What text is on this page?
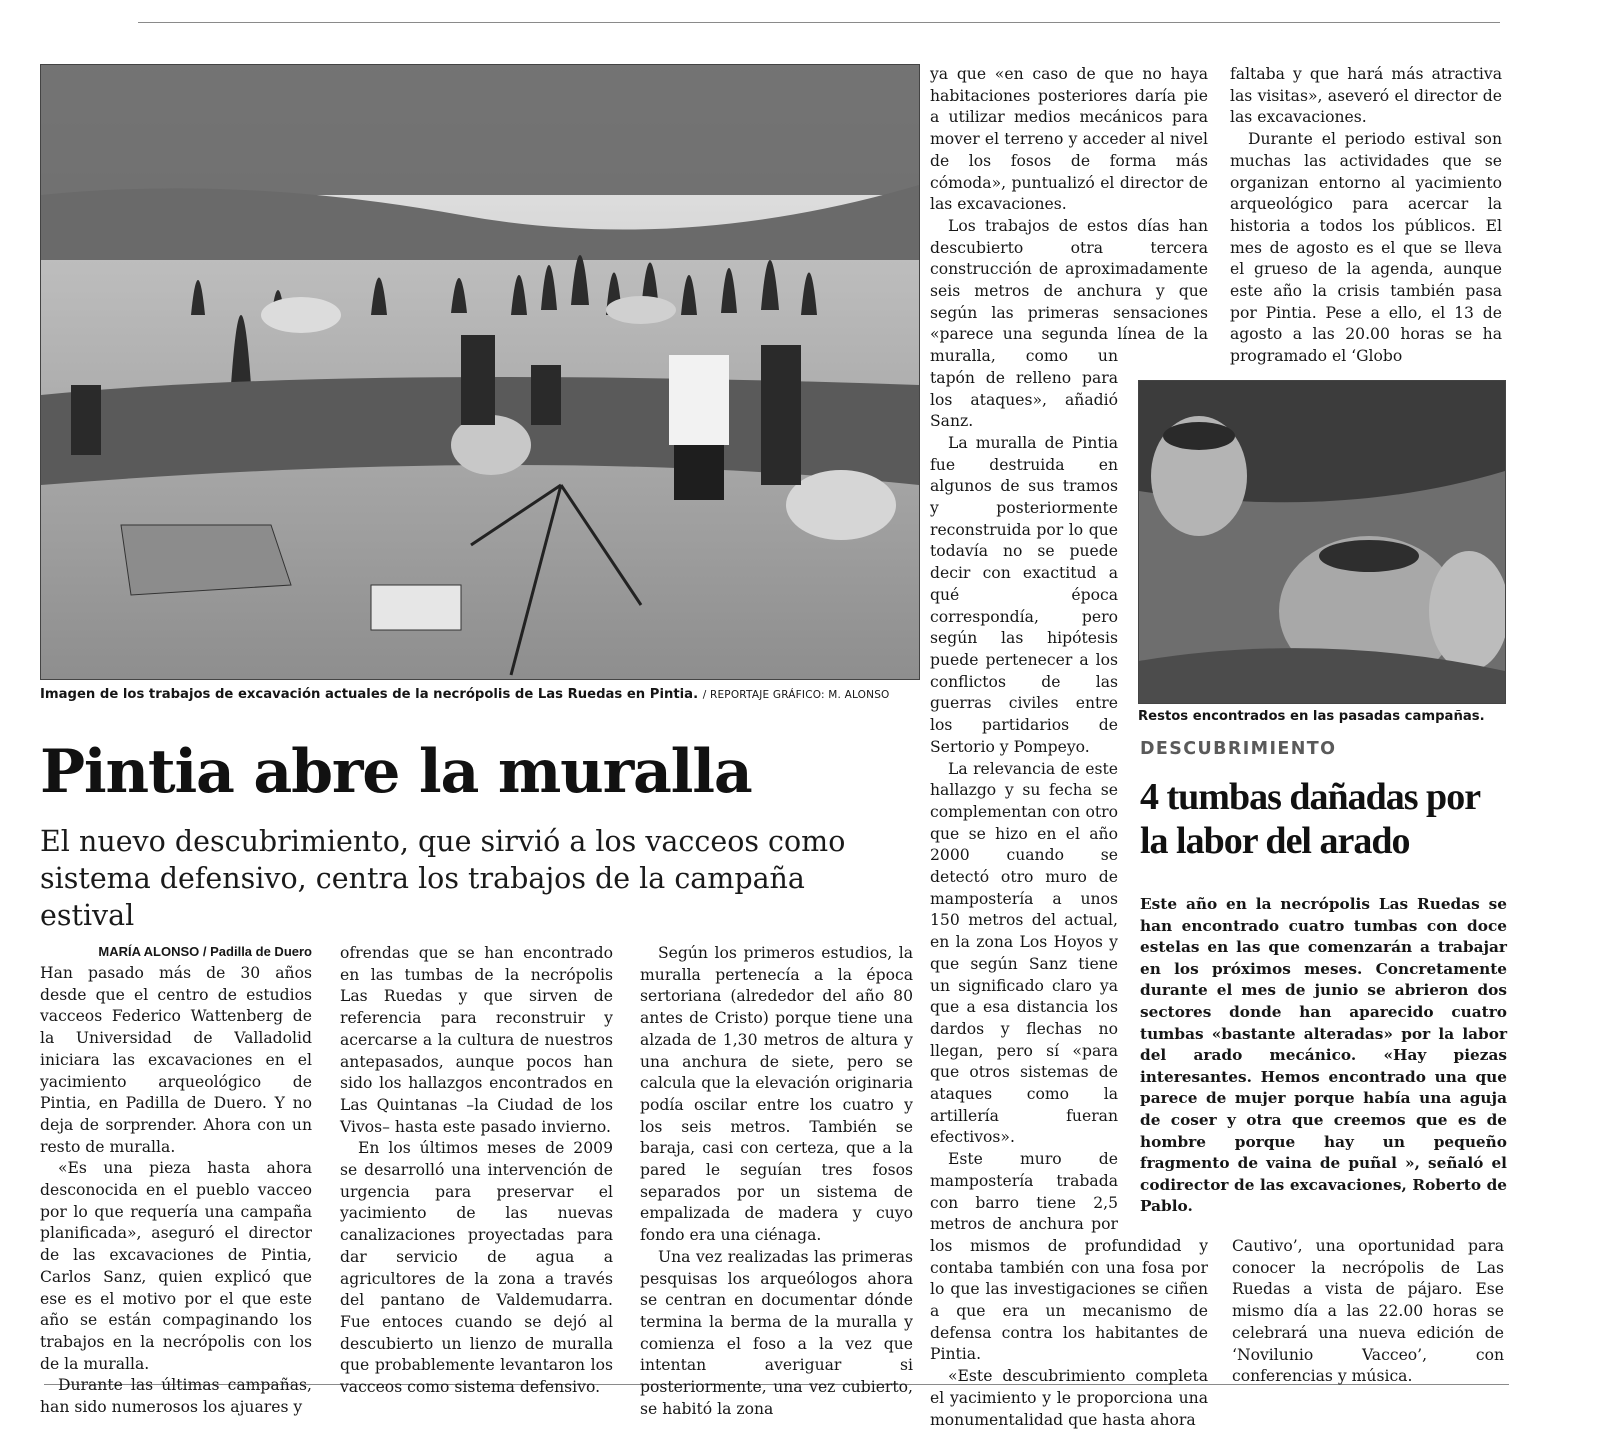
Imagen de los trabajos de excavación actuales de la necrópolis de Las Ruedas en Pintia. / REPORTAJE GRÁFICO: M. ALONSO
Pintia abre la muralla

El nuevo descubrimiento, que sirvió a los vacceos como sistema defensivo, centra los trabajos de la campaña estival

MARÍA ALONSO / Padilla de Duero

Han pasado más de 30 años desde que el centro de estudios vacceos Federico Wattenberg de la Universidad de Valladolid iniciara las excavaciones en el yacimiento arqueológico de Pintia, en Padilla de Duero. Y no deja de sorprender. Ahora con un resto de muralla.

«Es una pieza hasta ahora desconocida en el pueblo vacceo por lo que requería una campaña planificada», aseguró el director de las excavaciones de Pintia, Carlos Sanz, quien explicó que ese es el motivo por el que este año se están compaginando los trabajos en la necrópolis con los de la muralla.

Durante las últimas campañas, han sido numerosos los ajuares y

ofrendas que se han encontrado en las tumbas de la necrópolis Las Ruedas y que sirven de referencia para reconstruir y acercarse a la cultura de nuestros antepasados, aunque pocos han sido los hallazgos encontrados en Las Quintanas –la Ciudad de los Vivos– hasta este pasado invierno.

En los últimos meses de 2009 se desarrolló una intervención de urgencia para preservar el yacimiento de las nuevas canalizaciones proyectadas para dar servicio de agua a agricultores de la zona a través del pantano de Valdemudarra. Fue entoces cuando se dejó al descubierto un lienzo de muralla que probablemente levantaron los vacceos como sistema defensivo.

Según los primeros estudios, la muralla pertenecía a la época sertoriana (alrededor del año 80 antes de Cristo) porque tiene una alzada de 1,30 metros de altura y una anchura de siete, pero se calcula que la elevación originaria podía oscilar entre los cuatro y los seis metros. También se baraja, casi con certeza, que a la pared le seguían tres fosos separados por un sistema de empalizada de madera y cuyo fondo era una ciénaga.

Una vez realizadas las primeras pesquisas los arqueólogos ahora se centran en documentar dónde termina la berma de la muralla y comienza el foso a la vez que intentan averiguar si posteriormente, una vez cubierto, se habitó la zona

ya que «en caso de que no haya habitaciones posteriores daría pie a utilizar medios mecánicos para mover el terreno y acceder al nivel de los fosos de forma más cómoda», puntualizó el director de las excavaciones.

Los trabajos de estos días han descubierto otra tercera construcción de aproximadamente seis metros de anchura y que según las primeras sensaciones «parece una segunda línea de la muralla, como un tapón de relleno para los ataques», añadió Sanz.

La muralla de Pintia fue destruida en algunos de sus tramos y posteriormente reconstruida por lo que todavía no se puede decir con exactitud a qué época correspondía, pero según las hipótesis puede pertenecer a los conflictos de las guerras civiles entre los partidarios de Sertorio y Pompeyo.

La relevancia de este hallazgo y su fecha se complementan con otro que se hizo en el año 2000 cuando se detectó otro muro de mampostería a unos 150 metros del actual, en la zona Los Hoyos y que según Sanz tiene un significado claro ya que a esa distancia los dardos y flechas no llegan, pero sí «para que otros sistemas de ataques como la artillería fueran efectivos».

Este muro de mampostería trabada con barro tiene 2,5 metros de anchura por los mismos de profundidad y contaba también con una fosa por lo que las investigaciones se ciñen a que era un mecanismo de defensa contra los habitantes de Pintia.

«Este descubrimiento completa el yacimiento y le proporciona una monumentalidad que hasta ahora

faltaba y que hará más atractiva las visitas», aseveró el director de las excavaciones.

Durante el periodo estival son muchas las actividades que se organizan entorno al yacimiento arqueológico para acercar la historia a todos los públicos. El mes de agosto es el que se lleva el grueso de la agenda, aunque este año la crisis también pasa por Pintia. Pese a ello, el 13 de agosto a las 20.00 horas se ha programado el ‘Globo

Restos encontrados en las pasadas campañas.
DESCUBRIMIENTO
4 tumbas dañadas por la labor del arado

Este año en la necrópolis Las Ruedas se han encontrado cuatro tumbas con doce estelas en las que comenzarán a trabajar en los próximos meses. Concretamente durante el mes de junio se abrieron dos sectores donde han aparecido cuatro tumbas «bastante alteradas» por la labor del arado mecánico. «Hay piezas interesantes. Hemos encontrado una que parece de mujer porque había una aguja de coser y otra que creemos que es de hombre porque hay un pequeño fragmento de vaina de puñal », señaló el codirector de las excavaciones, Roberto de Pablo.

Cautivo’, una oportunidad para conocer la necrópolis de Las Ruedas a vista de pájaro. Ese mismo día a las 22.00 horas se celebrará una nueva edición de ‘Novilunio Vacceo’, con conferencias y música.
